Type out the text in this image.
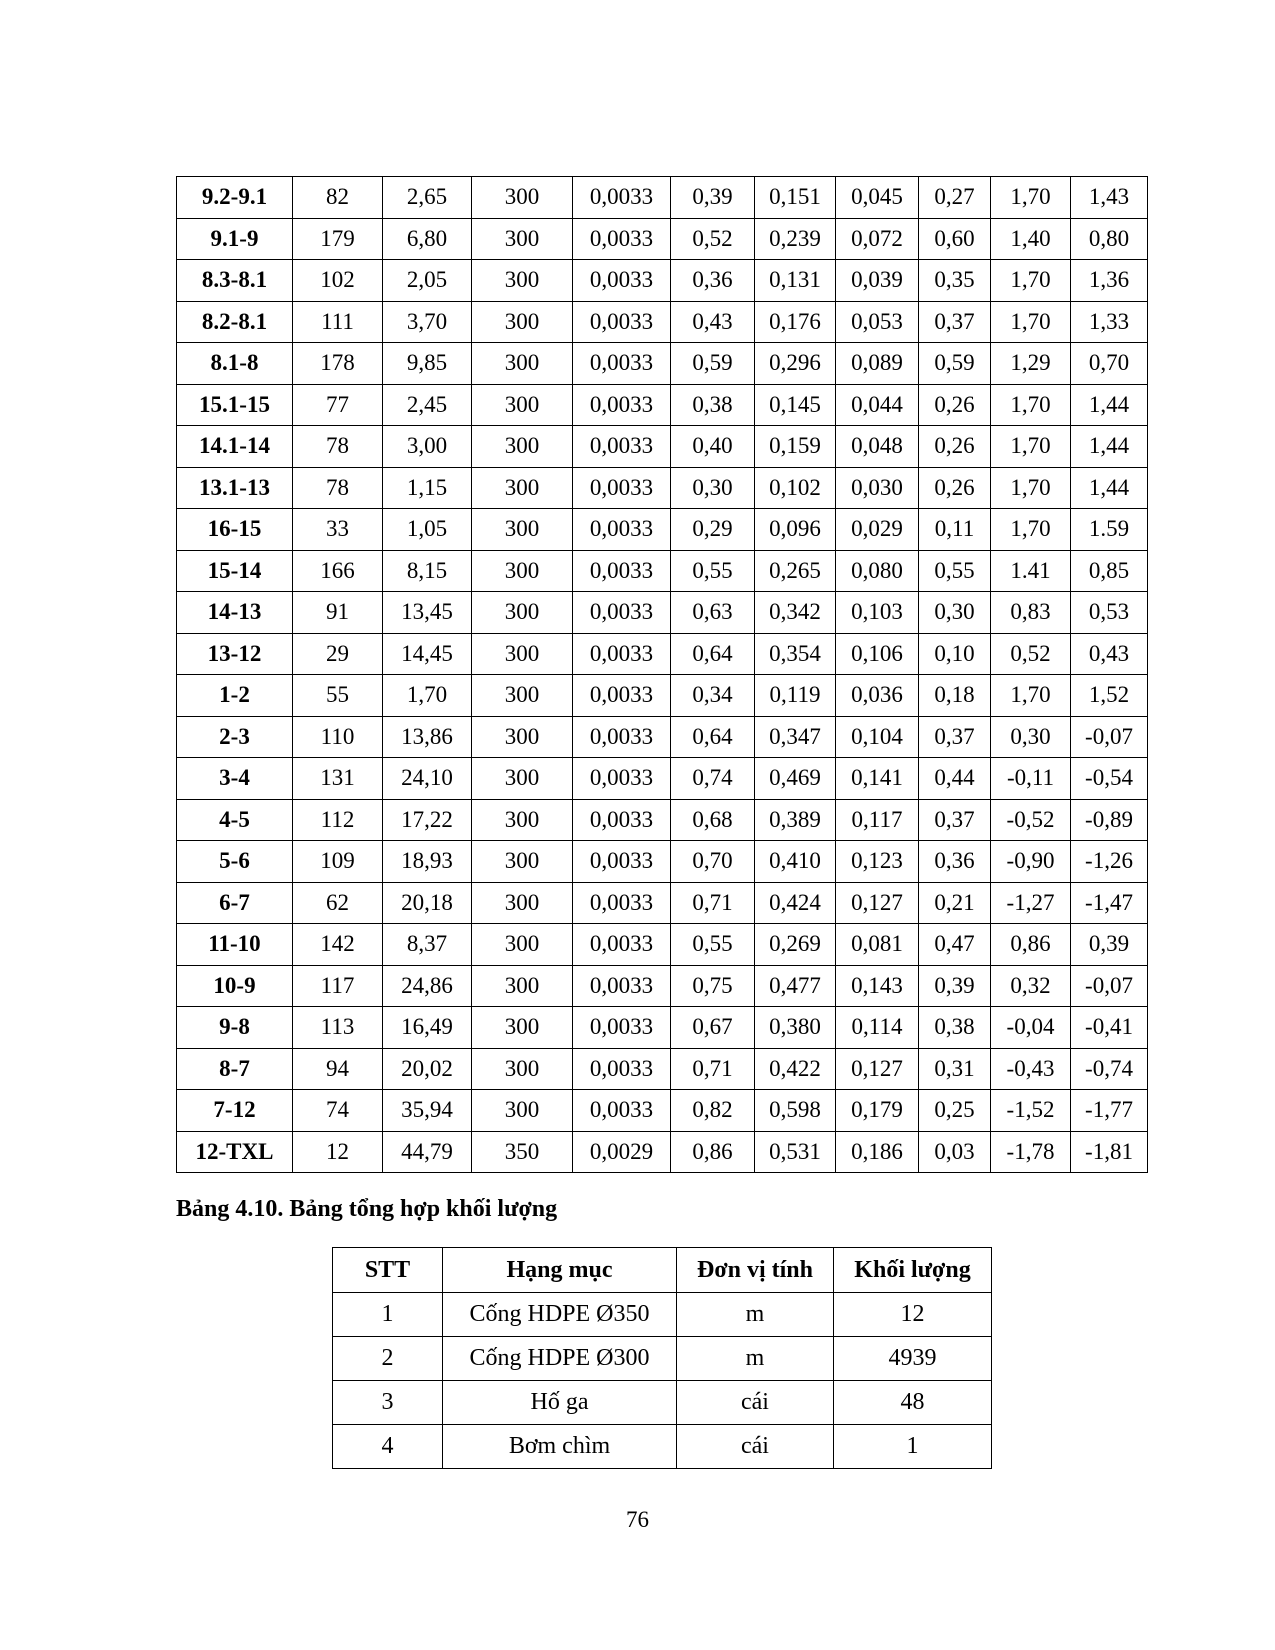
9.2-9.1	82	2,65	300	0,0033	0,39	0,151	0,045	0,27	1,70	1,43
9.1-9	179	6,80	300	0,0033	0,52	0,239	0,072	0,60	1,40	0,80
8.3-8.1	102	2,05	300	0,0033	0,36	0,131	0,039	0,35	1,70	1,36
8.2-8.1	111	3,70	300	0,0033	0,43	0,176	0,053	0,37	1,70	1,33
8.1-8	178	9,85	300	0,0033	0,59	0,296	0,089	0,59	1,29	0,70
15.1-15	77	2,45	300	0,0033	0,38	0,145	0,044	0,26	1,70	1,44
14.1-14	78	3,00	300	0,0033	0,40	0,159	0,048	0,26	1,70	1,44
13.1-13	78	1,15	300	0,0033	0,30	0,102	0,030	0,26	1,70	1,44
16-15	33	1,05	300	0,0033	0,29	0,096	0,029	0,11	1,70	1.59
15-14	166	8,15	300	0,0033	0,55	0,265	0,080	0,55	1.41	0,85
14-13	91	13,45	300	0,0033	0,63	0,342	0,103	0,30	0,83	0,53
13-12	29	14,45	300	0,0033	0,64	0,354	0,106	0,10	0,52	0,43
1-2	55	1,70	300	0,0033	0,34	0,119	0,036	0,18	1,70	1,52
2-3	110	13,86	300	0,0033	0,64	0,347	0,104	0,37	0,30	-0,07
3-4	131	24,10	300	0,0033	0,74	0,469	0,141	0,44	-0,11	-0,54
4-5	112	17,22	300	0,0033	0,68	0,389	0,117	0,37	-0,52	-0,89
5-6	109	18,93	300	0,0033	0,70	0,410	0,123	0,36	-0,90	-1,26
6-7	62	20,18	300	0,0033	0,71	0,424	0,127	0,21	-1,27	-1,47
11-10	142	8,37	300	0,0033	0,55	0,269	0,081	0,47	0,86	0,39
10-9	117	24,86	300	0,0033	0,75	0,477	0,143	0,39	0,32	-0,07
9-8	113	16,49	300	0,0033	0,67	0,380	0,114	0,38	-0,04	-0,41
8-7	94	20,02	300	0,0033	0,71	0,422	0,127	0,31	-0,43	-0,74
7-12	74	35,94	300	0,0033	0,82	0,598	0,179	0,25	-1,52	-1,77
12-TXL	12	44,79	350	0,0029	0,86	0,531	0,186	0,03	-1,78	-1,81
Bảng 4.10. Bảng tổng hợp khối lượng
STT	Hạng mục	Đơn vị tính	Khối lượng
1	Cống HDPE Ø350	m	12
2	Cống HDPE Ø300	m	4939
3	Hố ga	cái	48
4	Bơm chìm	cái	1
76
